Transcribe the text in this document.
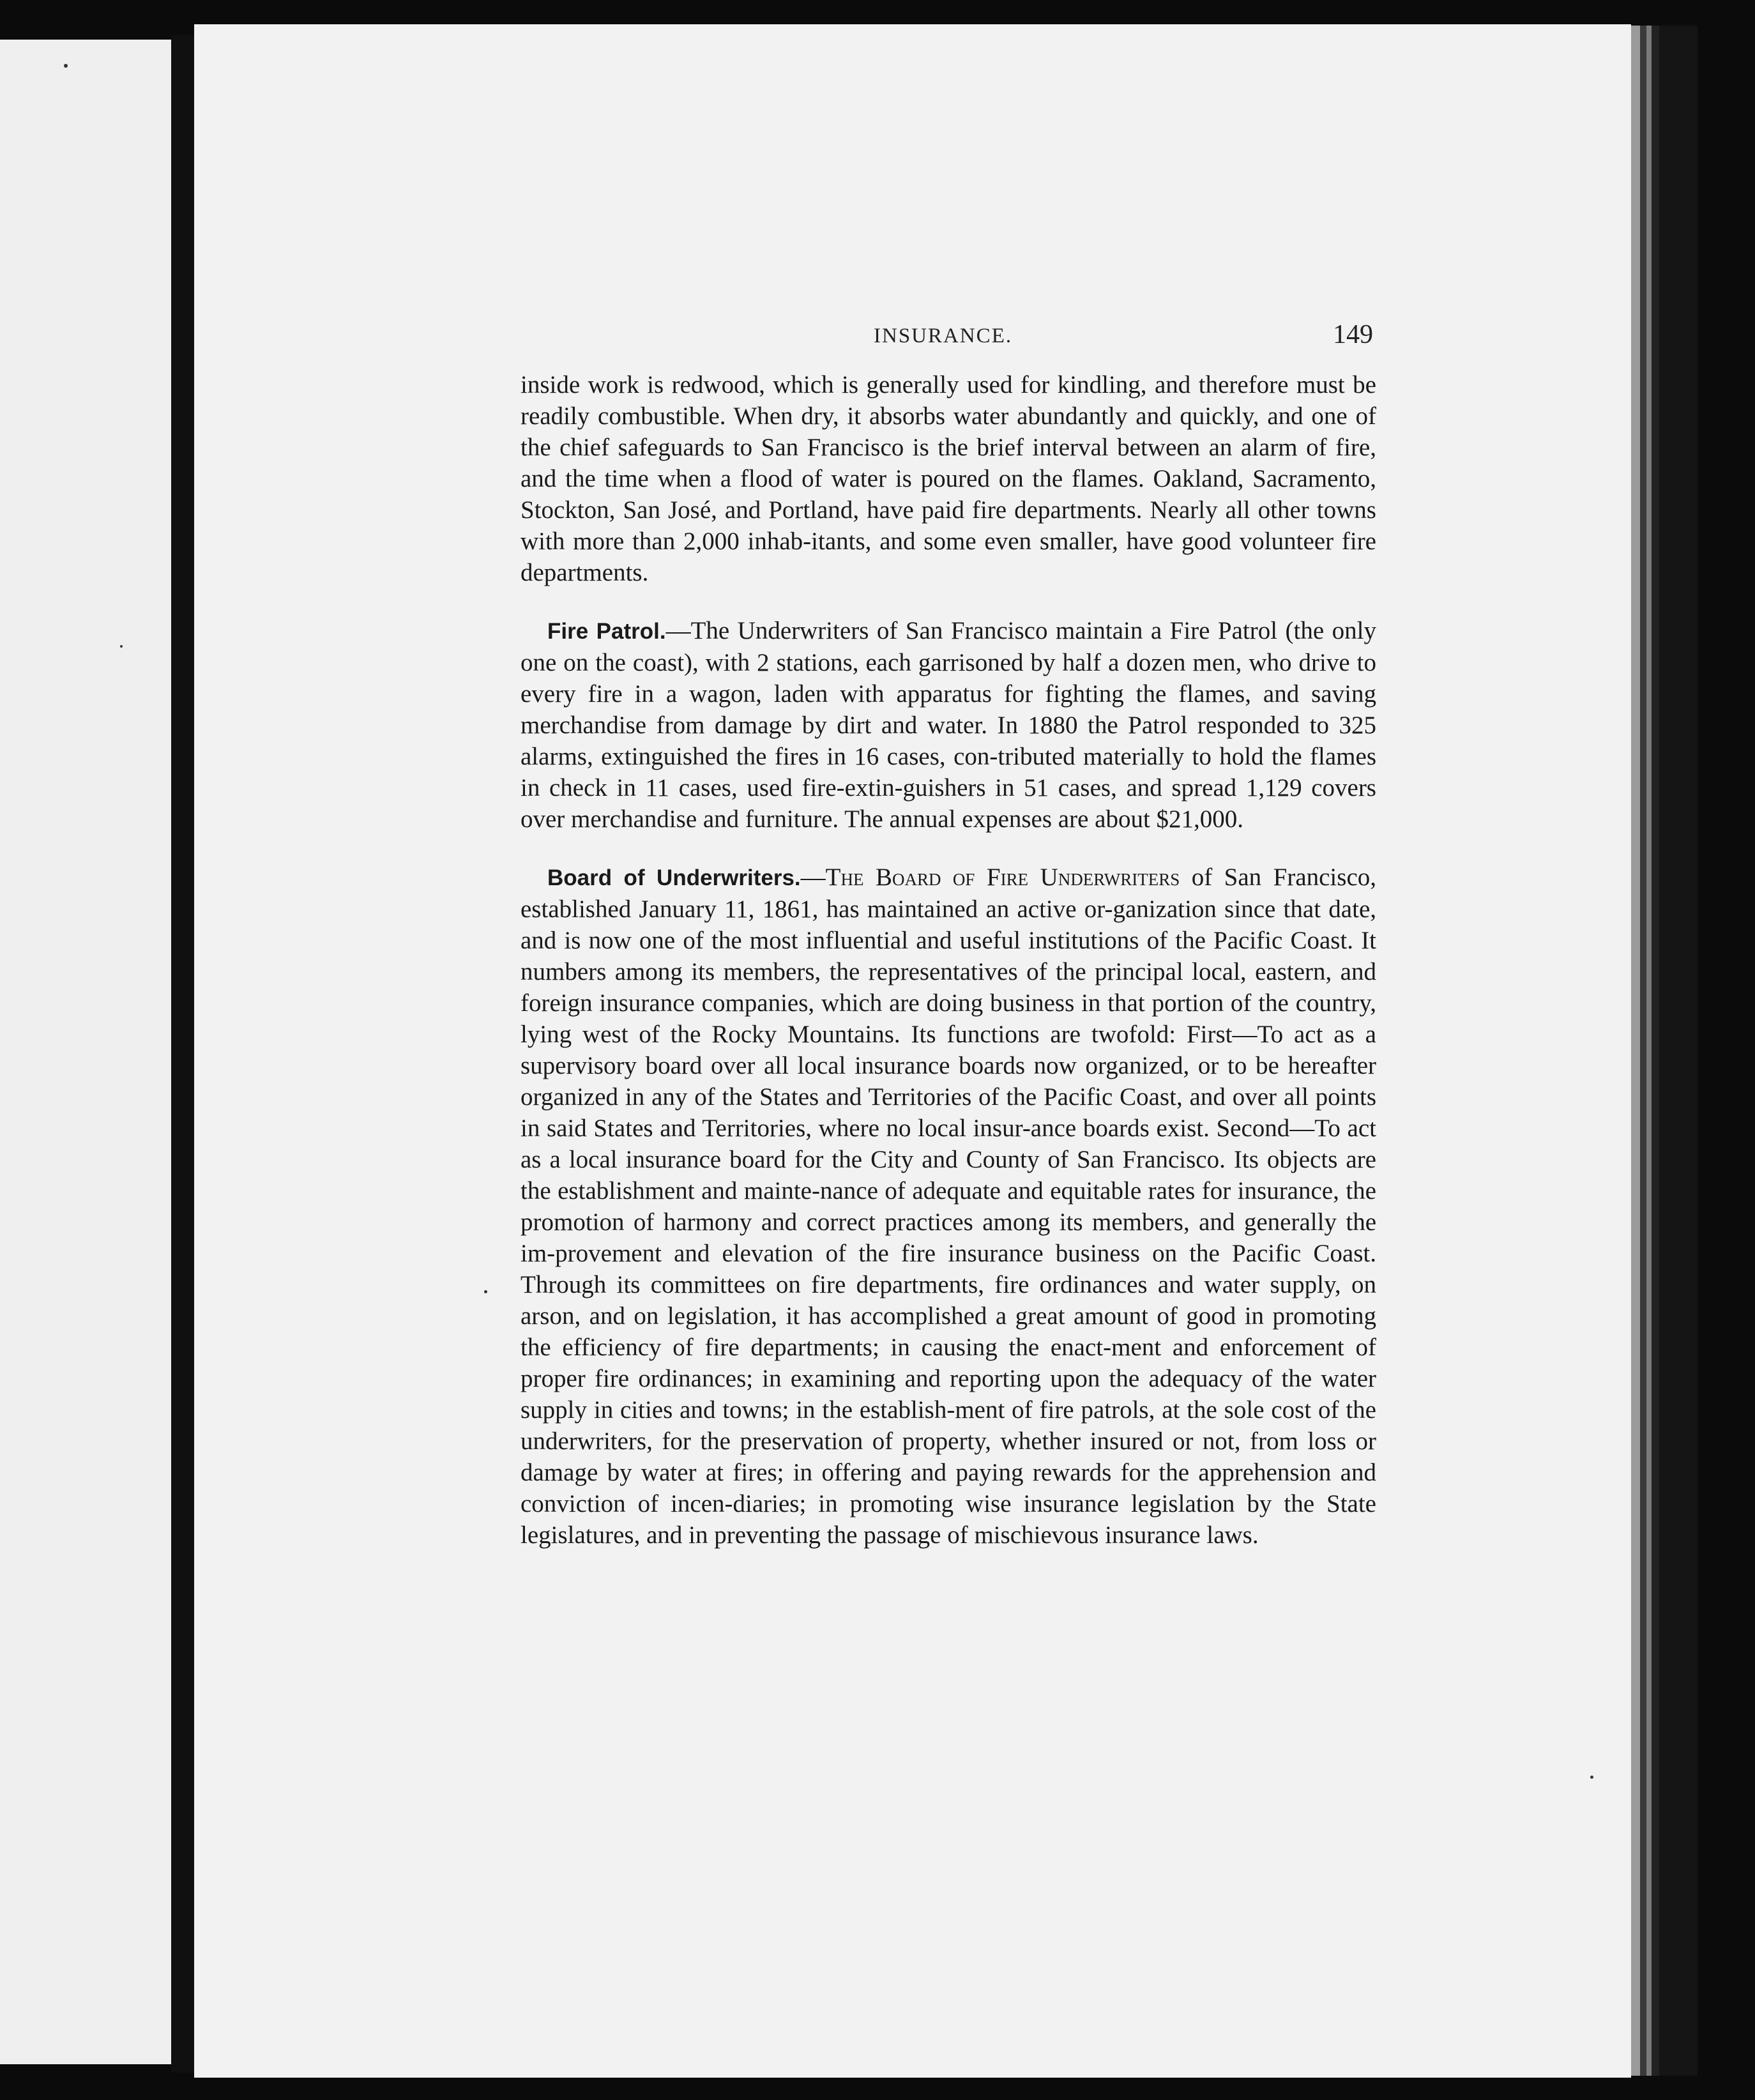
INSURANCE.	149

inside work is redwood, which is generally used for kindling, and therefore must be readily combustible. When dry, it absorbs water abundantly and quickly, and one of the chief safeguards to San Francisco is the brief interval between an alarm of fire, and the time when a flood of water is poured on the flames. Oakland, Sacramento, Stockton, San José, and Portland, have paid fire departments. Nearly all other towns with more than 2,000 inhab-itants, and some even smaller, have good volunteer fire departments.

Fire Patrol.—The Underwriters of San Francisco maintain a Fire Patrol (the only one on the coast), with 2 stations, each garrisoned by half a dozen men, who drive to every fire in a wagon, laden with apparatus for fighting the flames, and saving merchandise from damage by dirt and water. In 1880 the Patrol responded to 325 alarms, extinguished the fires in 16 cases, con-tributed materially to hold the flames in check in 11 cases, used fire-extin-guishers in 51 cases, and spread 1,129 covers over merchandise and furniture. The annual expenses are about $21,000.

Board of Underwriters.—The Board of Fire Underwriters of San Francisco, established January 11, 1861, has maintained an active or-ganization since that date, and is now one of the most influential and useful institutions of the Pacific Coast. It numbers among its members, the representatives of the principal local, eastern, and foreign insurance companies, which are doing business in that portion of the country, lying west of the Rocky Mountains. Its functions are twofold: First—To act as a supervisory board over all local insurance boards now organized, or to be hereafter organized in any of the States and Territories of the Pacific Coast, and over all points in said States and Territories, where no local insur-ance boards exist. Second—To act as a local insurance board for the City and County of San Francisco. Its objects are the establishment and mainte-nance of adequate and equitable rates for insurance, the promotion of harmony and correct practices among its members, and generally the im-provement and elevation of the fire insurance business on the Pacific Coast. Through its committees on fire departments, fire ordinances and water supply, on arson, and on legislation, it has accomplished a great amount of good in promoting the efficiency of fire departments; in causing the enact-ment and enforcement of proper fire ordinances; in examining and reporting upon the adequacy of the water supply in cities and towns; in the establish-ment of fire patrols, at the sole cost of the underwriters, for the preservation of property, whether insured or not, from loss or damage by water at fires; in offering and paying rewards for the apprehension and conviction of incen-diaries; in promoting wise insurance legislation by the State legislatures, and in preventing the passage of mischievous insurance laws.
